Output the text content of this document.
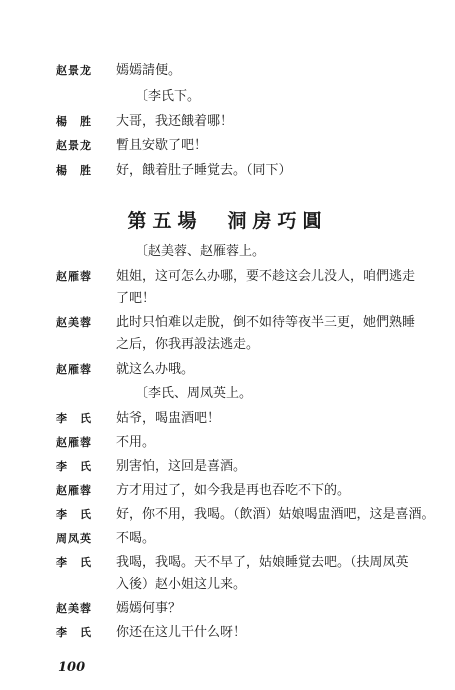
赵景龙 嫣嫣請便。
〔李氏下。
楊　胜 大哥，我还餓着哪！
赵景龙 暫且安歇了吧！
楊　胜 好，餓着肚子睡覚去。（同下）
第五場　洞房巧圓
〔赵美蓉、赵雁蓉上。
赵雁蓉 姐姐，这可怎么办哪，要不趁这会儿没人，咱們逃走
了吧！
赵美蓉 此时只怕难以走脫，倒不如待等夜半三更，她們熟睡
之后，你我再設法逃走。
赵雁蓉 就这么办哦。
〔李氏、周凤英上。
李　氏 姑爷，喝盅酒吧！
赵雁蓉 不用。
李　氏 别害怕，这回是喜酒。
赵雁蓉 方才用过了，如今我是再也吞吃不下的。
李　氏 好，你不用，我喝。（飲酒）姑娘喝盅酒吧，这是喜酒。
周凤英 不喝。
李　氏 我喝，我喝。天不早了，姑娘睡覚去吧。（扶周凤英
入後）赵小姐这儿来。
赵美蓉 嫣嫣何事？
李　氏 你还在这儿干什么呀！
100
